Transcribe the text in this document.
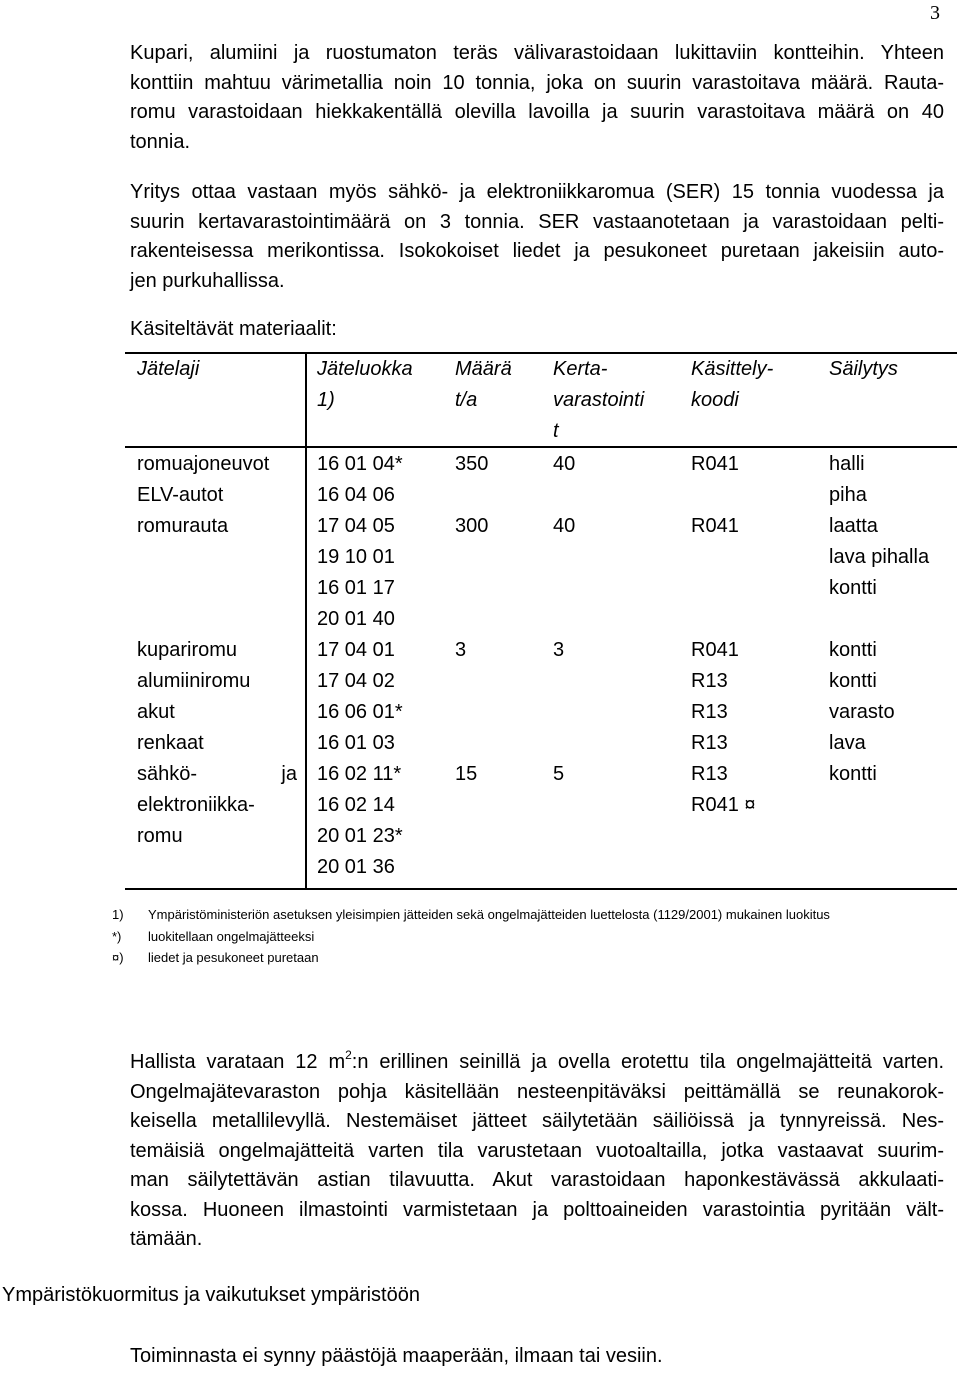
3
Kupari, alumiini ja ruostumaton teräs välivarastoidaan lukittaviin kontteihin. Yhteen
konttiin mahtuu värimetallia noin 10 tonnia, joka on suurin varastoitava määrä. Rauta-
romu varastoidaan hiekkakentällä olevilla lavoilla ja suurin varastoitava määrä on 40
tonnia.
Yritys ottaa vastaan myös sähkö- ja elektroniikkaromua (SER) 15 tonnia vuodessa ja
suurin kertavarastointimäärä on 3 tonnia. SER vastaanotetaan ja varastoidaan pelti-
rakenteisessa merikontissa. Isokokoiset liedet ja pesukoneet puretaan jakeisiin auto-
jen purkuhallissa.

Käsiteltävät materiaalit:

Jätelaji	Jäteluokka
1)
Määrä
t/a
Kerta-
varastointi
t
Käsittely-
koodi
Säilytys
romuajoneuvot
ELV-autot
romurauta

kupariromu
alumiiniromu
akut
renkaat
sähkö-	ja
elektroniikka-
romu
16 01 04*
16 04 06
17 04 05
19 10 01
16 01 17
20 01 40
17 04 01
17 04 02
16 06 01*
16 01 03
16 02 11*
16 02 14
20 01 23*
20 01 36
350

300

3

15
40

40

3

5
R041

R041

R041
R13
R13
R13
R13
R041 ¤
halli
piha
laatta
lava pihalla
kontti

kontti
kontti
varasto
lava
kontti
1) Ympäristöministeriön asetuksen yleisimpien jätteiden sekä ongelmajätteiden luettelosta (1129/2001) mukainen luokitus
*) luokitellaan ongelmajätteeksi
¤) liedet ja pesukoneet puretaan
Hallista varataan 12 $m^2:n$ erillinen seinillä ja ovella erotettu tila ongelmajätteitä varten.
Ongelmajätevaraston pohja käsitellään nesteenpitäväksi peittämällä se reunakorok-
keisella metallilevyllä. Nestemäiset jätteet säilytetään säiliöissä ja tynnyreissä. Nes-
temäisiä ongelmajätteitä varten tila varustetaan vuotoaltailla, jotka vastaavat suurim-
man säilytettävän astian tilavuutta. Akut varastoidaan haponkestävässä akkulaati-
kossa. Huoneen ilmastointi varmistetaan ja polttoaineiden varastointia pyritään vält-
tämään.
Ympäristökuormitus ja vaikutukset ympäristöön

Toiminnasta ei synny päästöjä maaperään, ilmaan tai vesiin.
